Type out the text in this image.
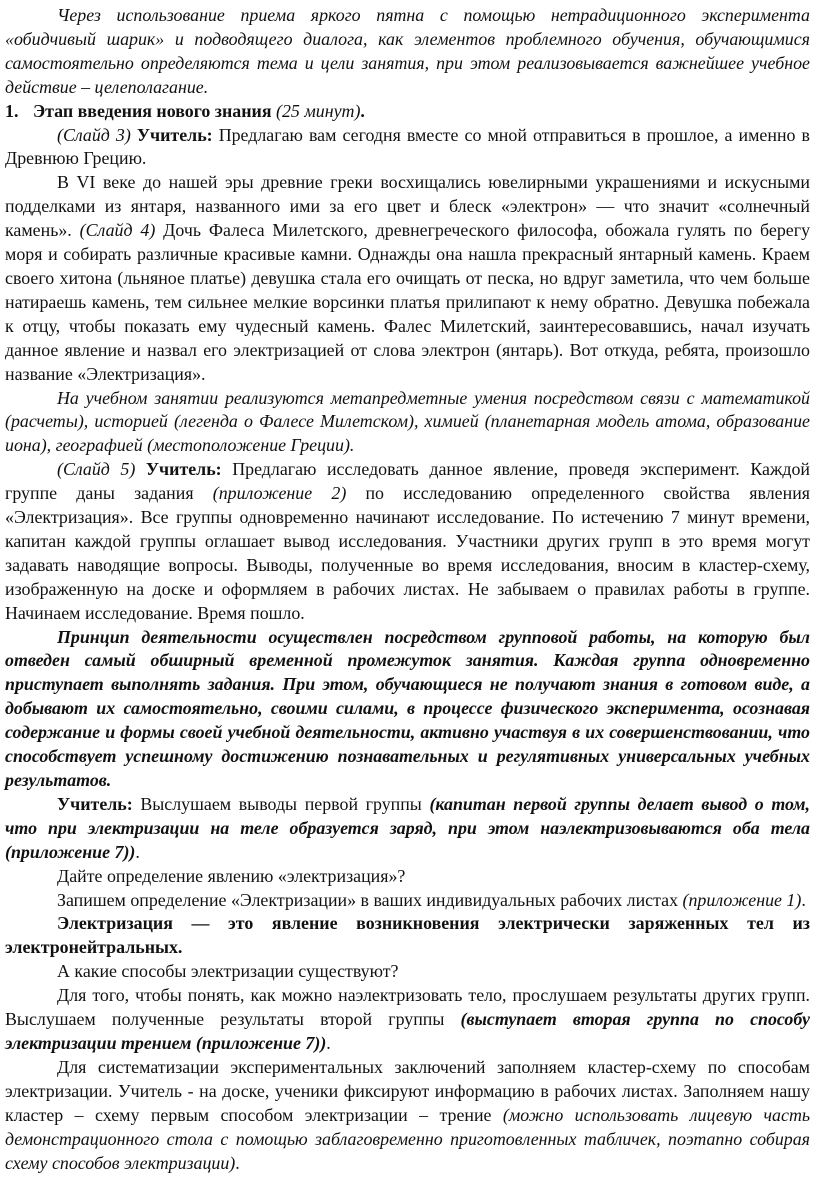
Через использование приема яркого пятна с помощью нетрадиционного эксперимента «обидчивый шарик» и подводящего диалога, как элементов проблемного обучения, обучающимися самостоятельно определяются тема и цели занятия, при этом реализовывается важнейшее учебное действие – целеполагание.

1. Этап введения нового знания (25 минут).

(Слайд 3) Учитель: Предлагаю вам сегодня вместе со мной отправиться в прошлое, а именно в Древнюю Грецию.

В VI веке до нашей эры древние греки восхищались ювелирными украшениями и искусными подделками из янтаря, названного ими за его цвет и блеск «электрон» — что значит «солнечный камень». (Слайд 4) Дочь Фалеса Милетского, древнегреческого философа, обожала гулять по берегу моря и собирать различные красивые камни. Однажды она нашла прекрасный янтарный камень. Краем своего хитона (льняное платье) девушка стала его очищать от песка, но вдруг заметила, что чем больше натираешь камень, тем сильнее мелкие ворсинки платья прилипают к нему обратно. Девушка побежала к отцу, чтобы показать ему чудесный камень. Фалес Милетский, заинтересовавшись, начал изучать данное явление и назвал его электризацией от слова электрон (янтарь). Вот откуда, ребята, произошло название «Электризация».

На учебном занятии реализуются метапредметные умения посредством связи с математикой (расчеты), историей (легенда о Фалесе Милетском), химией (планетарная модель атома, образование иона), географией (местоположение Греции).

(Слайд 5) Учитель: Предлагаю исследовать данное явление, проведя эксперимент. Каждой группе даны задания (приложение 2) по исследованию определенного свойства явления «Электризация». Все группы одновременно начинают исследование. По истечению 7 минут времени, капитан каждой группы оглашает вывод исследования. Участники других групп в это время могут задавать наводящие вопросы. Выводы, полученные во время исследования, вносим в кластер-схему, изображенную на доске и оформляем в рабочих листах. Не забываем о правилах работы в группе. Начинаем исследование. Время пошло.

Принцип деятельности осуществлен посредством групповой работы, на которую был отведен самый обширный временной промежуток занятия. Каждая группа одновременно приступает выполнять задания. При этом, обучающиеся не получают знания в готовом виде, а добывают их самостоятельно, своими силами, в процессе физического эксперимента, осознавая содержание и формы своей учебной деятельности, активно участвуя в их совершенствовании, что способствует успешному достижению познавательных и регулятивных универсальных учебных результатов.

Учитель: Выслушаем выводы первой группы (капитан первой группы делает вывод о том, что при электризации на теле образуется заряд, при этом наэлектризовываются оба тела (приложение 7)).

Дайте определение явлению «электризация»?

Запишем определение «Электризации» в ваших индивидуальных рабочих листах (приложение 1).

Электризация — это явление возникновения электрически заряженных тел из электронейтральных.

А какие способы электризации существуют?

Для того, чтобы понять, как можно наэлектризовать тело, прослушаем результаты других групп. Выслушаем полученные результаты второй группы (выступает вторая группа по способу электризации трением (приложение 7)).

Для систематизации экспериментальных заключений заполняем кластер-схему по способам электризации. Учитель - на доске, ученики фиксируют информацию в рабочих листах. Заполняем нашу кластер – схему первым способом электризации – трение (можно использовать лицевую часть демонстрационного стола с помощью заблаговременно приготовленных табличек, поэтапно собирая схему способов электризации).
